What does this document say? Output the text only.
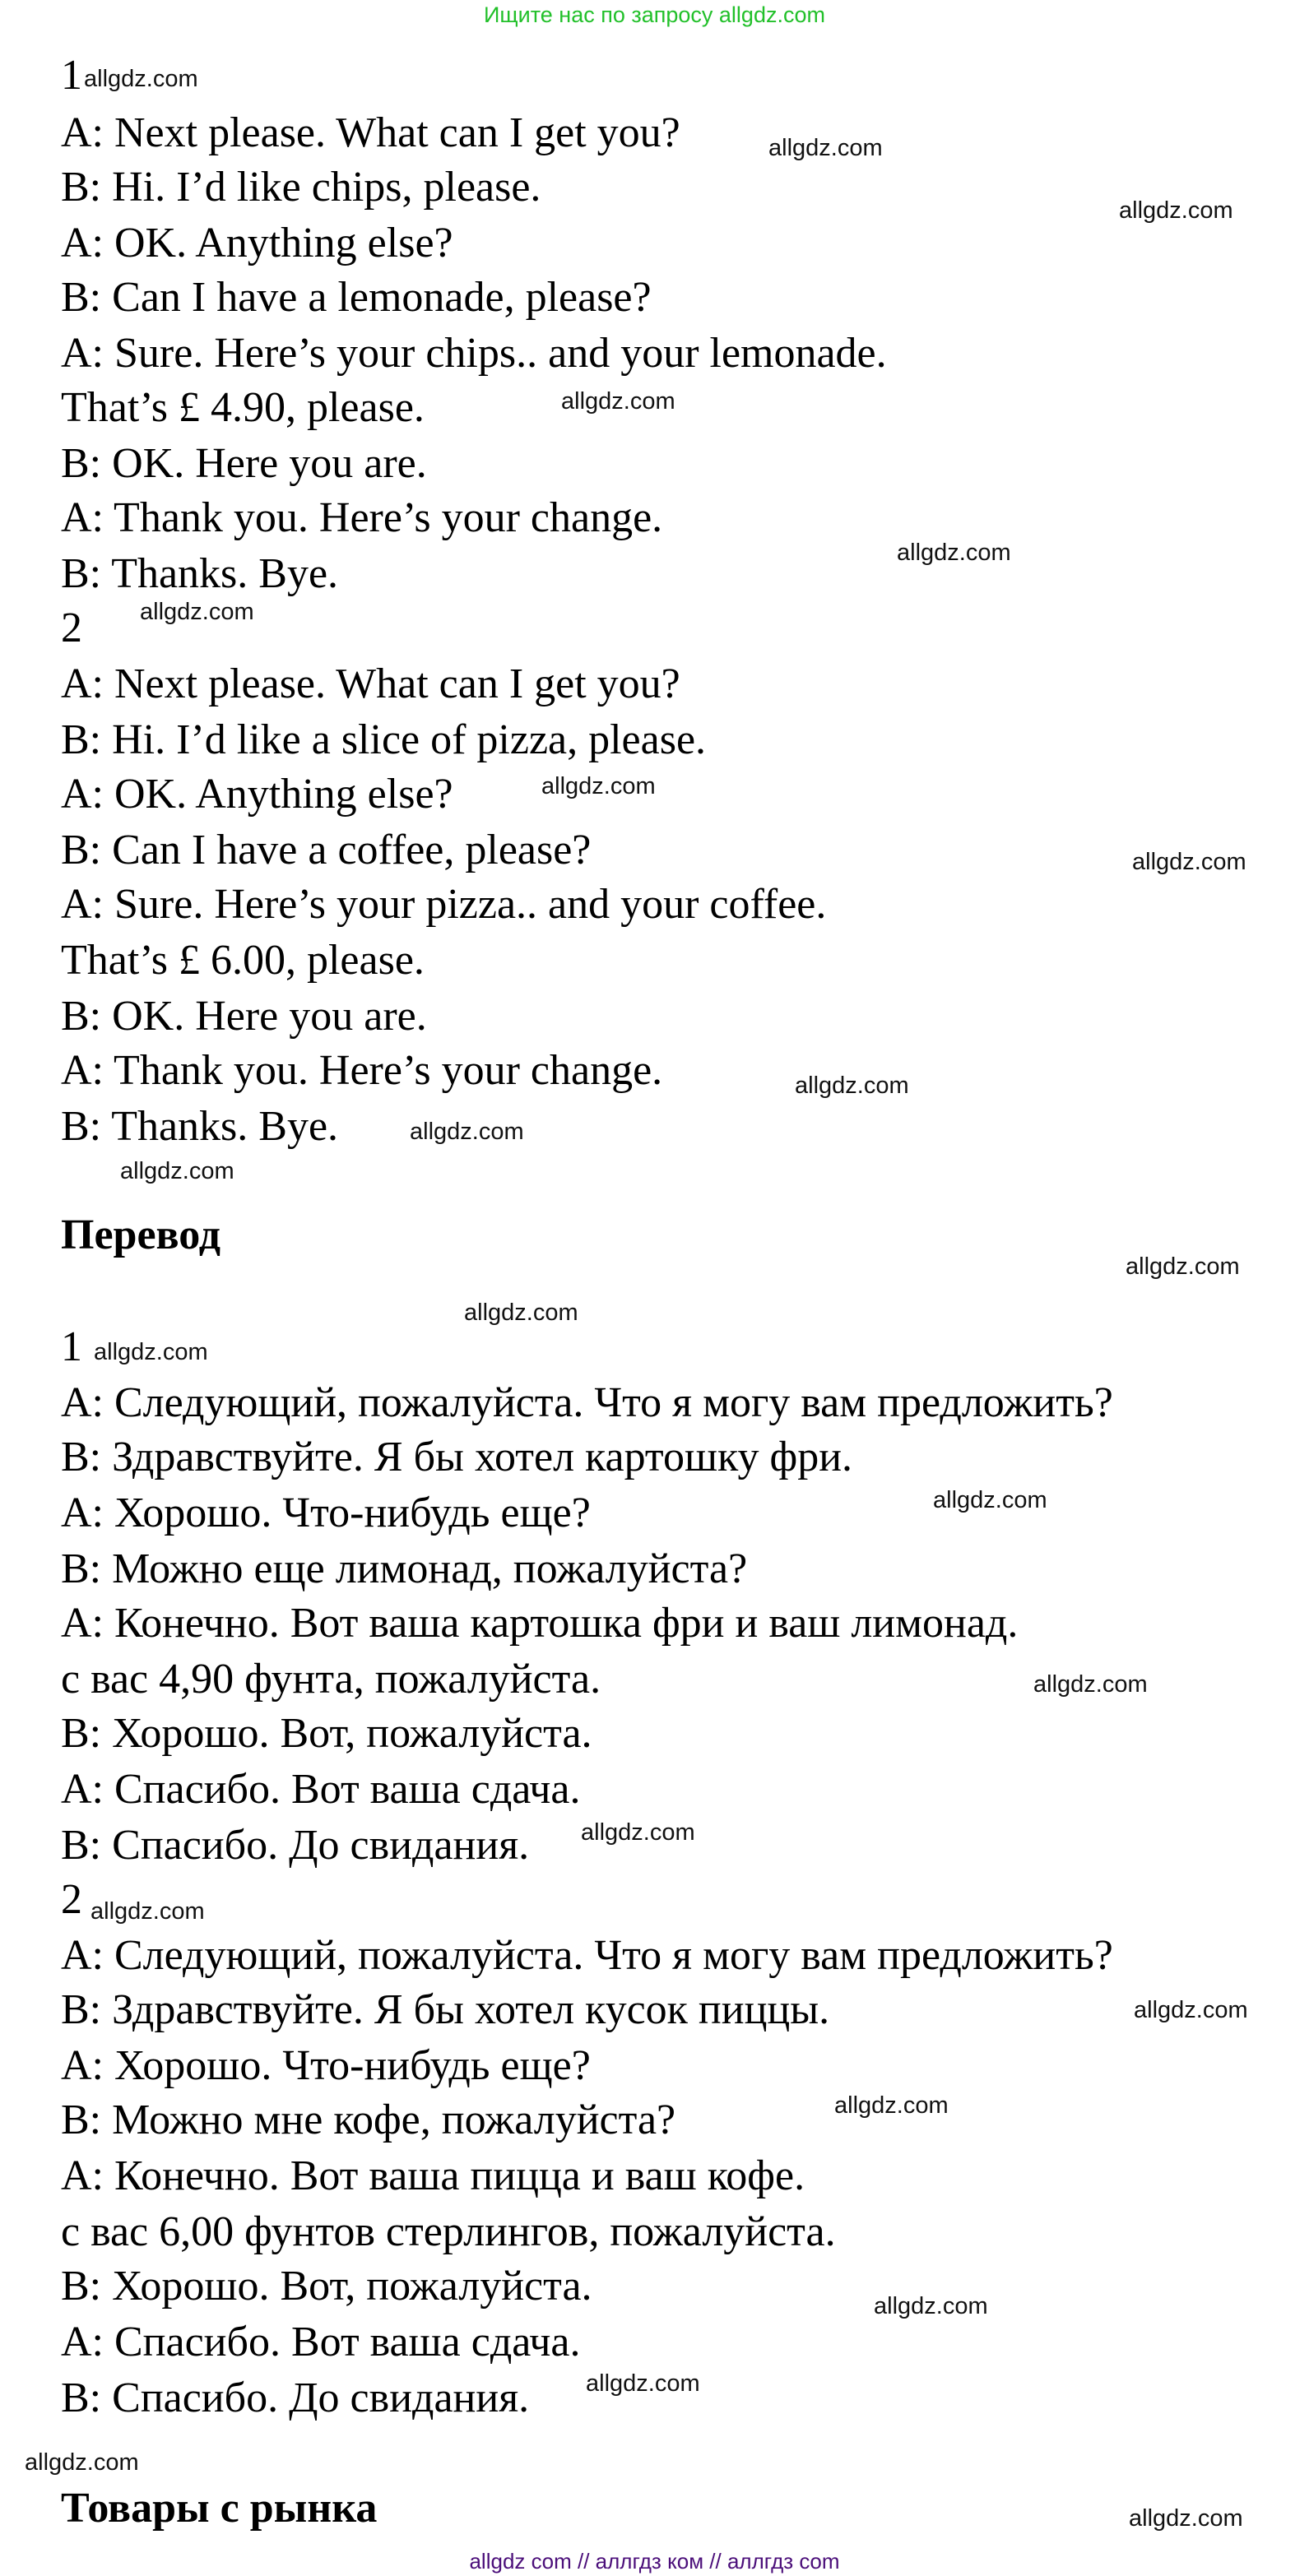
Ищите нас по запросу allgdz.com
1
A: Next please. What can I get you?
B: Hi. I’d like chips, please.
A: OK. Anything else?
B: Can I have a lemonade, please?
A: Sure. Here’s your chips.. and your lemonade.
That’s £ 4.90, please.
B: OK. Here you are.
A: Thank you. Here’s your change.
B: Thanks. Bye.
2
A: Next please. What can I get you?
B: Hi. I’d like a slice of pizza, please.
A: OK. Anything else?
B: Can I have a coffee, please?
A: Sure. Here’s your pizza.. and your coffee.
That’s £ 6.00, please.
B: OK. Here you are.
A: Thank you. Here’s your change.
B: Thanks. Bye.
Перевод
1
A: Следующий, пожалуйста. Что я могу вам предложить?
B: Здравствуйте. Я бы хотел картошку фри.
A: Хорошо. Что-нибудь еще?
B: Можно еще лимонад, пожалуйста?
A: Конечно. Вот ваша картошка фри и ваш лимонад.
с вас 4,90 фунта, пожалуйста.
B: Хорошо. Вот, пожалуйста.
A: Спасибо. Вот ваша сдача.
B: Спасибо. До свидания.
2
A: Следующий, пожалуйста. Что я могу вам предложить?
B: Здравствуйте. Я бы хотел кусок пиццы.
A: Хорошо. Что-нибудь еще?
B: Можно мне кофе, пожалуйста?
A: Конечно. Вот ваша пицца и ваш кофе.
с вас 6,00 фунтов стерлингов, пожалуйста.
B: Хорошо. Вот, пожалуйста.
A: Спасибо. Вот ваша сдача.
B: Спасибо. До свидания.
Товары с рынка
allgdz.com
allgdz.com
allgdz.com
allgdz.com
allgdz.com
allgdz.com
allgdz.com
allgdz.com
allgdz.com
allgdz.com
allgdz.com
allgdz.com
allgdz.com
allgdz.com
allgdz.com
allgdz.com
allgdz.com
allgdz.com
allgdz.com
allgdz.com
allgdz.com
allgdz.com
allgdz.com
allgdz.com
allgdz com // аллгдз ком // аллгдз com
